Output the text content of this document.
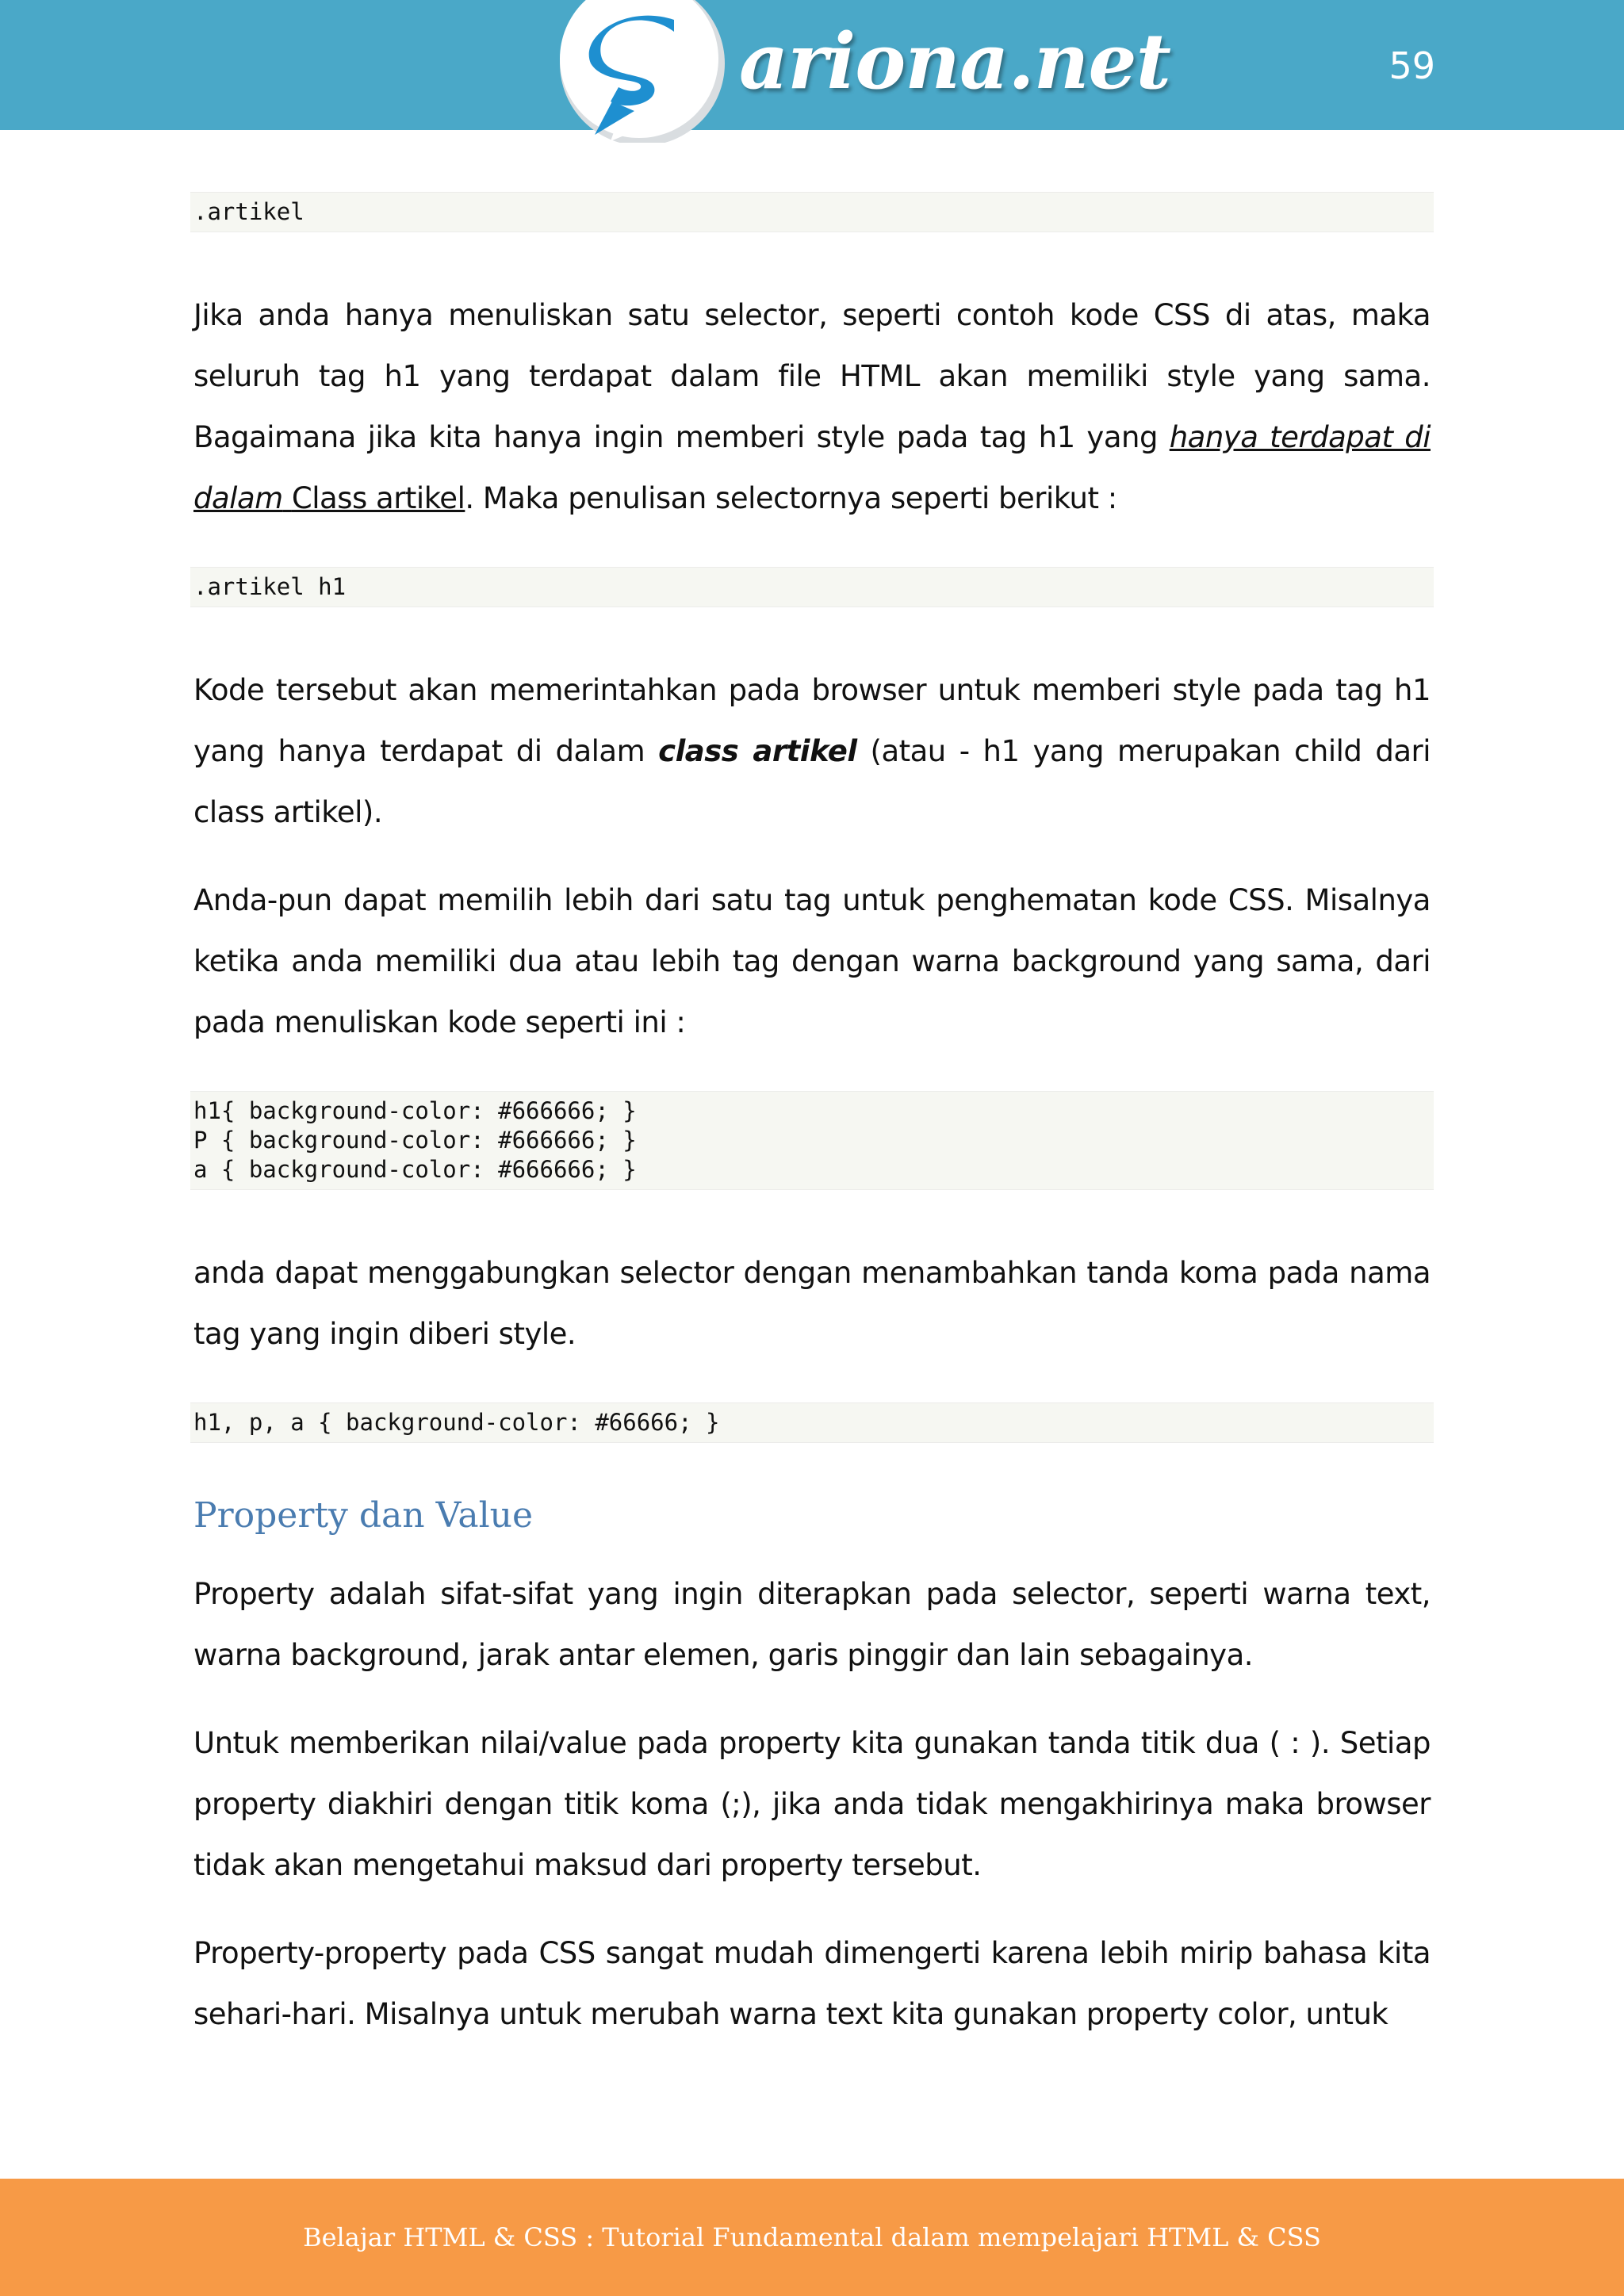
ariona.net	59
.artikel

Jika anda hanya menuliskan satu selector, seperti contoh kode CSS di atas, maka seluruh tag h1 yang terdapat dalam file HTML akan memiliki style yang sama. Bagaimana jika kita hanya ingin memberi style pada tag h1 yang hanya terdapat di dalam Class artikel. Maka penulisan selectornya seperti berikut :

.artikel h1

Kode tersebut akan memerintahkan pada browser untuk memberi style pada tag h1 yang hanya terdapat di dalam class artikel (atau - h1 yang merupakan child dari class artikel).

Anda-pun dapat memilih lebih dari satu tag untuk penghematan kode CSS. Misalnya ketika anda memiliki dua atau lebih tag dengan warna background yang sama, dari pada menuliskan kode seperti ini :

h1{ background-color: #666666; }
P { background-color: #666666; }
a { background-color: #666666; }

anda dapat menggabungkan selector dengan menambahkan tanda koma pada nama tag yang ingin diberi style.

h1, p, a { background-color: #66666; }
Property dan Value

Property adalah sifat-sifat yang ingin diterapkan pada selector, seperti warna text, warna background, jarak antar elemen, garis pinggir dan lain sebagainya.

Untuk memberikan nilai/value pada property kita gunakan tanda titik dua ( : ). Setiap property diakhiri dengan titik koma (;), jika anda tidak mengakhirinya maka browser tidak akan mengetahui maksud dari property tersebut.

Property-property pada CSS sangat mudah dimengerti karena lebih mirip bahasa kita sehari-hari. Misalnya untuk merubah warna text kita gunakan property color, untuk

Belajar HTML & CSS : Tutorial Fundamental dalam mempelajari HTML & CSS
